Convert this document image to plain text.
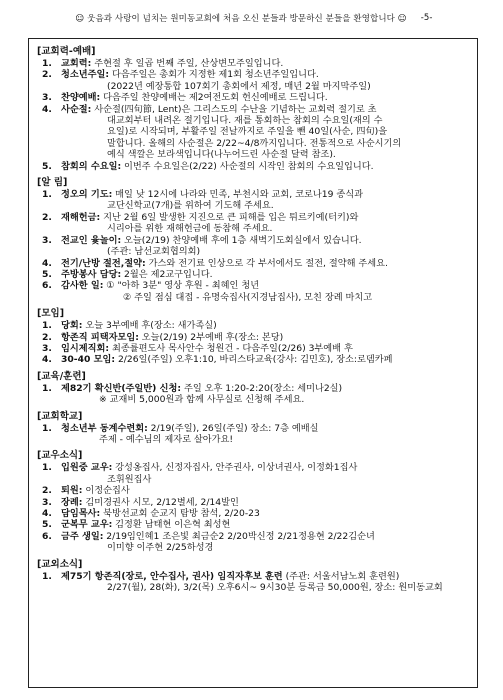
☺ 웃음과 사랑이 넘치는 원미동교회에 처음 오신 분들과 방문하신 분들을 환영합니다 ☺ -5-
[교회력-예배]
1. 교회력: 주현절 후 일곱 번째 주일, 산상변모주일입니다.
2. 청소년주일: 다음주일은 총회가 지정한 제1회 청소년주일입니다.
(2022년 예장통합 107회기 총회에서 제정, 매년 2월 마지막주일)
3. 찬양예배: 다음주일 찬양예배는 제2여전도회 헌신예배로 드립니다.
4. 사순절: 사순절(四旬節, Lent)은 그리스도의 수난을 기념하는 교회력 절기로 초
대교회부터 내려온 절기입니다. 재를 통회하는 참회의 수요일(재의 수
요일)로 시작되며, 부활주일 전날까지로 주일을 뺀 40일(사순, 四旬)을
말합니다. 올해의 사순절은 2/22~4/8까지입니다. 전통적으로 사순시기의
예식 색깔은 보라색입니다(나누어드린 사순절 달력 참조).
5. 참회의 수요일: 이번주 수요일은(2/22) 사순절의 시작인 참회의 수요일입니다.
[알 림]
1. 정오의 기도: 매일 낮 12시에 나라와 민족, 부천시와 교회, 코로나19 종식과
교단신학교(7개)를 위하여 기도해 주세요.
2. 재해헌금: 지난 2월 6일 발생한 지진으로 큰 피해를 입은 튀르키예(터키)와
시리아를 위한 재해헌금에 동참해 주세요.
3. 전교인 윷놀이: 오늘(2/19) 찬양예배 후에 1층 새벽기도회실에서 있습니다.
(주관: 남선교회협의회)
4. 전기/난방 절전,절약: 가스와 전기료 인상으로 각 부서에서도 절전, 절약해 주세요.
5. 주방봉사 담당: 2월은 제2교구입니다.
6. 감사한 일: ① "아하 3분" 영상 후원 - 최혜인 청년
② 주일 점심 대접 - 유명숙집사(지경남집사), 모친 장례 마치고
[모임]
1. 당회: 오늘 3부예배 후(장소: 새가족실)
2. 항존직 피택자모임: 오늘(2/19) 2부예배 후(장소: 본당)
3. 임시제직회: 최종률편도사 목사안수 청원건 - 다음주일(2/26) 3부예배 후
4. 30-40 모임: 2/26일(주일) 오후1:10, 바리스타교육(강사: 김민호), 장소:로뎀카페
[교육/훈련]
1. 제82기 확신반(주일반) 신청: 주일 오후 1:20-2:20(장소: 세미나2실)
※ 교재비 5,000원과 함께 사무실로 신청해 주세요.
[교회학교]
1. 청소년부 동계수련회: 2/19(주일), 26일(주일) 장소: 7층 예배실
주제 - 예수님의 제자로 살아가요!
[교우소식]
1. 입원중 교우: 강성옹집사, 신정자집사, 안주권사, 이상녀권사, 이정화1집사
조휘원집사
2. 퇴원: 이정순집사
3. 장례: 김미경권사 시모, 2/12별세, 2/14발인
4. 담임목사: 북방선교회 순교지 탐방 참석, 2/20-23
5. 군복무 교우: 김정환 남태현 이은혁 최성현
6. 금주 생일: 2/19임인혜1 조은빛 최금순2 2/20박신정 2/21정용현 2/22김순녀
이미향 이주현 2/25하성경
[교외소식]
1. 제75기 항존직(장로, 안수집사, 권사) 임직자후보 훈련 (주관: 서울서남노회 훈련원)
2/27(월), 28(화), 3/2(목) 오후6시~ 9시30분 등록금 50,000원, 장소: 원미동교회
